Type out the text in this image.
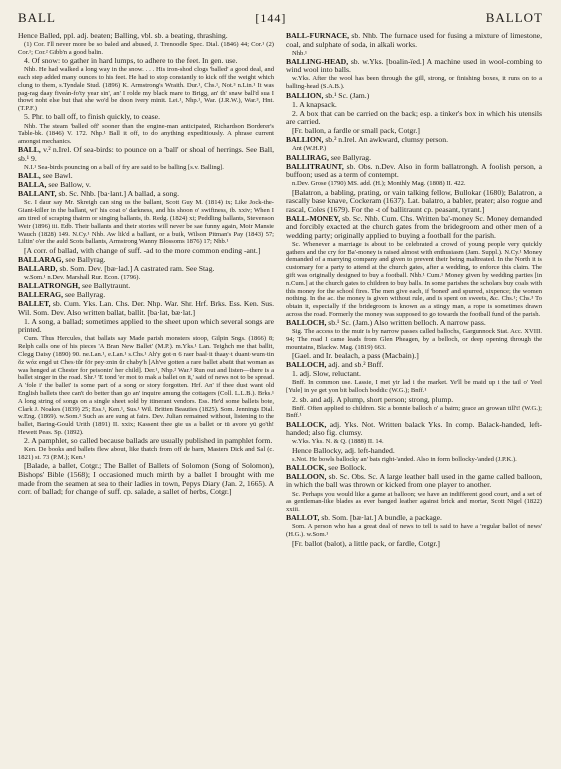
BALL	[144]	BALLOT

Hence Balled, ppl. adj. beaten; Balling, vbl. sb. a beating, thrashing.

(1) Cor. I'll never more be so baled and abused, J. Trenoodle Spec. Dial. (1846) 44; Cor.¹ (2) Cor.¹; Cor.² Gibb'n a good balin.

4. Of snow: to gather in hard lumps, to adhere to the feet. In gen. use.

Nhb. He had walked a long way in the snow. . . . His iron-shod clogs 'balled' a good deal, and each step added many ounces to his feet. He had to stop constantly to kick off the weight which clung to them, s.Tyndale Stud. (1896) K. Armstrong's Wraith. Dur.¹, Chs.¹, Not.³ n.Lin.¹ It was pag-rag daay fiveán-fo'ty year sin', an' I rolde my black mare to Brigg, an' th' snaw ball'd sua I thowt noht else but that she wo'd be doon ivery minit. Lei.¹, Nhp.¹, War. (J.R.W.), War.³, Hnt. (T.P.F.)

5. Phr. to ball off, to finish quickly, to cease.

Nhb. The steam 'balled off' sooner than the engine-man anticipated, Richardson Borderer's Table-bk. (1846) V. 172. Nhp.¹ Ball it off, to do anything expeditiously. A phrase current amongst mechanics.

BALL, v.² n.Irel. Of sea-birds: to pounce on a 'ball' or shoal of herrings. See Ball, sb.¹ 9.

N.I.¹ Sea-birds pouncing on a ball of fry are said to be balling [s.v. Balling].

BALL, see Bawl.

BALLA, see Ballow, v.

BALLANT, sb. Sc. Nhb. [ba·lant.] A ballad, a song.

Sc. I daur say Mr. Skreigh can sing us the ballant, Scott Guy M. (1814) ix; Like Jock-the-Giant-killer in the ballant, wi' his coat o' darkness, and his shoon o' swiftness, ib. xxiv; When I am tired of scraping thairm or singing ballants, ib. Redg. (1824) xi; Peddling ballants, Stevenson Weir (1896) iii. Edb. Their ballants and their stories will never be sae funny again, Moir Mansie Wauch (1828) 149. N.Cy.¹ Nhb. Aw lik'd a ballant, or a buik, Wilson Pitman's Pay (1843) 57; Liltin' o'er the auld Scots ballants, Armstrong Wanny Blossoms 1876) 17; Nhb.¹

[A corr. of ballad, with change of suff. -ad to the more common ending -ant.]

BALLARAG, see Ballyrag.

BALLARD, sb. Som. Dev. [bæ·lad.] A castrated ram. See Stag.

w.Som.¹ n.Dev. Marshall Rur. Econ. (1796).

BALLATRONGH, see Ballytraunt.

BALLERAG, see Ballyrag.

BALLET, sb. Cum. Yks. Lan. Chs. Der. Nhp. War. Shr. Hrf. Brks. Ess. Ken. Sus. Wil. Som. Dev. Also written ballat, ballit. [ba·lat, bæ·lat.]

1. A song, a ballad; sometimes applied to the sheet upon which several songs are printed.

Cum. Thus Hercules, that ballats say Made parish monsters stoop, Gilpin Sngs. (1866) 8; Relph calls one of his pieces 'A Bran New Ballet' (M.P.). m.Yks.¹ Lan. Teighch me that ballit, Clegg Daisy (1890) 90. ne.Lan.¹, e.Lan.¹ s.Chs.¹ Ah'y got·n 6 raer baal·it thaay·t duant·wum·tin ŏz wóz engd ut Ches·tŭr för pey·znin ŭr chaby'h [Ah've gotten a rare ballet abaüt that woman as was henged at Chester for peisonin' her child]. Der.¹, Nhp.² War.³ Run out and listen—there is a ballet singer in the road. Shr.¹ 'E tond 'er mot to mak a ballet on it,' said of news not to be spread. A 'fole i' the ballet' is some part of a song or story forgotten. Hrf. An' if thee dust want old English ballets thee can't do better than go an' inquire amung the cottagers (Coll. L.L.B.). Brks.¹ A long string of songs on a single sheet sold by itinerant vendors. Ess. He'd some ballets bote, Clark J. Noakes (1839) 25; Ess.¹, Ken.¹, Sus.¹ Wil. Britten Beauties (1825). Som. Jennings Dial. w.Eng. (1869). w.Som.¹ Such as are sung at fairs. Dev. Julian remained without, listening to the ballet, Baring-Gould Urith (1891) II. xxix; Kassent thee gie us a ballet or tü avore yū go'th! Hewett Peas. Sp. (1892).

2. A pamphlet, so called because ballads are usually published in pamphlet form.

Ken. De books and ballets flew about, like thatch from off de barn, Masters Dick and Sal (c. 1821) st. 73 (P.M.); Ken.¹

[Balade, a ballet, Cotgr.; The Ballet of Ballets of Solomon (Song of Solomon), Bishops' Bible (1568); I occasioned much mirth by a ballet I brought with me made from the seamen at sea to their ladies in town, Pepys Diary (Jan. 2, 1665). A corr. of ballad; for change of suff. cp. salade, a sallet of herbs, Cotgr.]

BALL-FURNACE, sb. Nhb. The furnace used for fusing a mixture of limestone, coal, and sulphate of soda, in alkali works.

Nhb.¹

BALLING-HEAD, sb. w.Yks. [boalin-ïed.] A machine used in wool-combing to wind wool into balls.

w.Yks. After the wool has been through the gill, strong, or finishing boxes, it runs on to a balling-head (S.A.B.).

BALLION, sb.¹ Sc. (Jam.)

1. A knapsack.

2. A box that can be carried on the back; esp. a tinker's box in which his utensils are carried.

[Fr. ballon, a fardle or small pack, Cotgr.]

BALLION, sb.² n.Irel. An awkward, clumsy person.

Ant (W.H.P.)

BALLIRAG, see Ballyrag.

BALLITRAUNT, sb. Obs. n.Dev. Also in form ballatrongh. A foolish person, a buffoon; used as a term of contempt.

n.Dev. Grose (1790) MS. add. (H.); Monthly Mag. (1808) II. 422.

[Balatron, a babling, prating, or vain talking fellow, Bullokar (1680); Balatron, a rascally base knave, Cockeram (1637). Lat. balatro, a babler, prater; also rogue and rascal, Coles (1679). For the -t of ballitraunt cp. peasant, tyrant.]

BALL-MONEY, sb. Sc. Nhb. Cum. Chs. Written ba'-money Sc. Money demanded and forcibly exacted at the church gates from the bridegroom and other men of a wedding party; originally applied to buying a football for the parish.

Sc. Whenever a marriage is about to be celebrated a crowd of young people very quickly gathers and the cry for Ba'-money is raised almost with enthusiasm (Jam. Suppl.). N.Cy.¹ Money demanded of a marrying company and given to prevent their being maltreated. In the North it is customary for a party to attend at the church gates, after a wedding, to enforce this claim. The gift was originally designed to buy a football. Nhb.¹ Cum.¹ Money given by wedding parties [in n.Cum.] at the church gates to children to buy balls. In some parishes the scholars buy coals with this money for the school fires. The men give each, if 'boned' and spurred, sixpence; the women nothing. In the ac. the money is given without rule, and is spent on sweets, &c. Chs.¹; Chs.³ To obtain it, especially if the bridegroom is known as a stingy man, a rope is sometimes drawn across the road. Formerly the money was supposed to go towards the football fund of the parish.

BALLOCH, sb.¹ Sc. (Jam.) Also written belloch. A narrow pass.

Sig. The access to the muir is by narrow passes called ballochs, Gargunnock Stat. Acc. XVIII. 94; The road I came leads from Glen Pheagen, by a belloch, or deep opening through the mountains, Blackw. Mag. (1819) 663.

[Gael. and Ir. bealach, a pass (Macbain).]

BALLOCH, adj. and sb.² Bnff.

1. adj. Slow, reluctant.

Bnff. In common use. Lassie, I met yir lad i the market. Ye'll be maid up i the tail o' Yeel [Yule] in ye get yon bit balloch boddic (W.G.); Bnff.¹

2. sb. and adj. A plump, short person; strong, plump.

Bnff. Often applied to children. Sic a bonnie balloch o' a bairn; grace an growan till't! (W.G.); Bnff.¹

BALLOCK, adj. Yks. Not. Written balack Yks. In comp. Balack-handed, left-handed; also fig. clumsy.

w.Yks. Yks. N. & Q. (1888) II. 14.

Hence Ballocky, adj. left-handed.

s.Not. He bowls ballocky an' bats right-'anded. Also in form bollocky-'anded (J.P.K.).

BALLOCK, see Bollock.

BALLOON, sb. Sc. Obs. Sc. A large leather ball used in the game called balloon, in which the ball was thrown or kicked from one player to another.

Sc. Perhaps you would like a game at balloon; we have an indifferent good court, and a set of as gentleman-like blades as ever banged leather against brick and mortar, Scott Nigel (1822) xxiii.

BALLOT, sb. Som. [bæ·lat.] A bundle, a package.

Som. A person who has a great deal of news to tell is said to have a 'regular ballot of news' (H.G.). w.Som.¹

[Fr. ballot (balot), a little pack, or fardle, Cotgr.]
